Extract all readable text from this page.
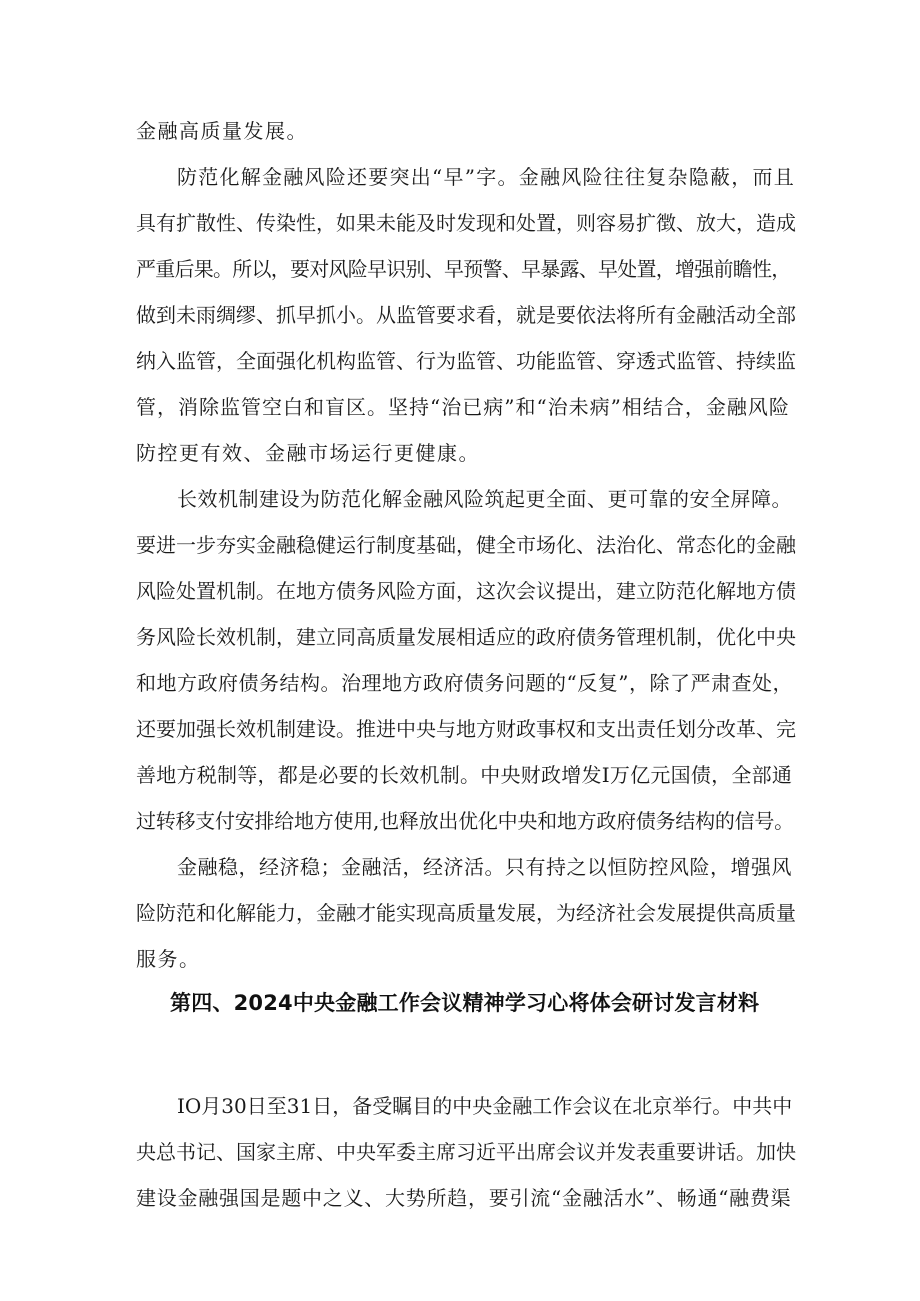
金融高质量发展。
防范化解金融风险还要突出“早”字。金融风险往往复杂隐蔽，而且
具有扩散性、传染性，如果未能及时发现和处置，则容易扩徴、放大，造成
严重后果。所以，要对风险早识别、早预警、早暴露、早处置，增强前瞻性，
做到未雨绸缪、抓早抓小。从监管要求看，就是要依法将所有金融活动全部
纳入监管，全面强化机构监管、行为监管、功能监管、穿透式监管、持续监
管，消除监管空白和盲区。坚持“治已病”和“治未病”相结合，金融风险
防控更有效、金融市场运行更健康。
长效机制建设为防范化解金融风险筑起更全面、更可靠的安全屏障。
要进一步夯实金融稳健运行制度基础，健全市场化、法治化、常态化的金融
风险处置机制。在地方债务风险方面，这次会议提出，建立防范化解地方债
务风险长效机制，建立同高质量发展相适应的政府债务管理机制，优化中央
和地方政府债务结构。治理地方政府债务问题的“反复”，除了严肃查处，
还要加强长效机制建设。推进中央与地方财政事权和支出责任划分改革、完
善地方税制等，都是必要的长效机制。中央财政增发I万亿元国债，全部通
过转移支付安排给地方使用,也释放出优化中央和地方政府债务结构的信号。
金融稳，经济稳；金融活，经济活。只有持之以恒防控风险，增强风
险防范和化解能力，金融才能实现高质量发展，为经济社会发展提供高质量
服务。
第四、2024中央金融工作会议精神学习心将体会研讨发言材料
IO月30日至31日，备受瞩目的中央金融工作会议在北京举行。中共中
央总书记、国家主席、中央军委主席习近平出席会议并发表重要讲话。加快
建设金融强国是题中之义、大势所趋，要引流“金融活水”、畅通“融费渠
